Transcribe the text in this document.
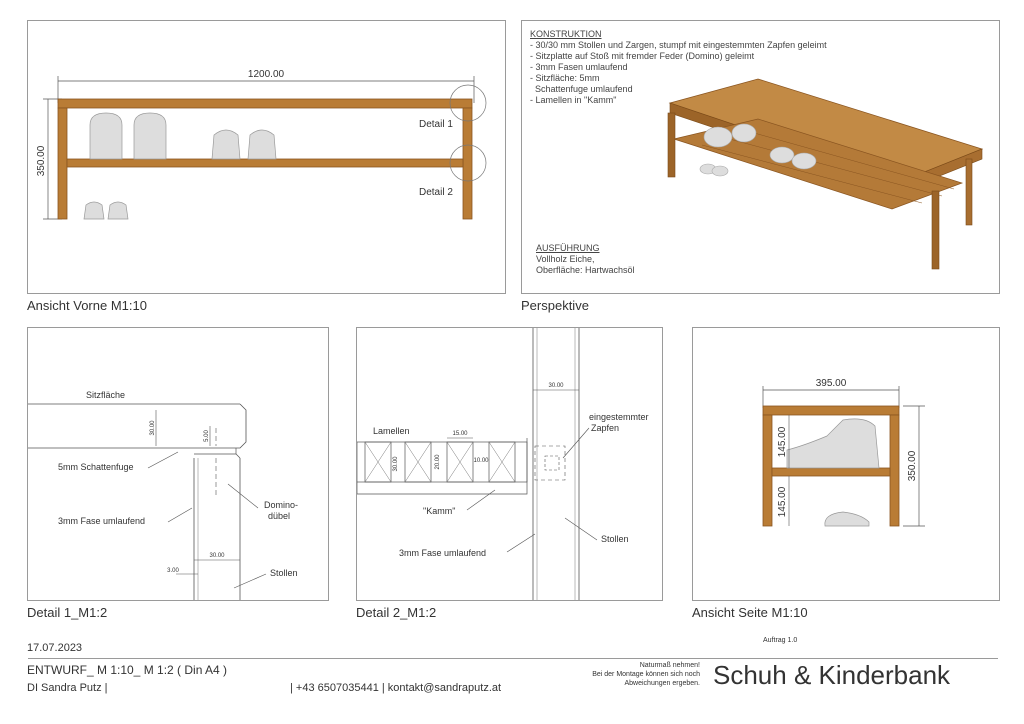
1200.00
350.00
Detail 1
Detail 2
Ansicht Vorne M1:10
KONSTRUKTION
- 30/30 mm Stollen und Zargen, stumpf mit eingestemmten Zapfen geleimt
- Sitzplatte auf Stoß mit fremder Feder (Domino) geleimt
- 3mm Fasen umlaufend
- Sitzfläche: 5mm
Schattenfuge umlaufend
- Lamellen in "Kamm"
AUSFÜHRUNG
Vollholz Eiche,
Oberfläche: Hartwachsöl
Perspektive
Sitzfläche
30.00
5.00
5mm Schattenfuge
Domino-
dübel
3mm Fase umlaufend
30.00
3.00	Stollen
Detail 1_M1:2
30.00
Lamellen	15.00
30.00	20.00	10.00
eingestemmter
Zapfen
"Kamm"
Stollen
3mm Fase umlaufend
Detail 2_M1:2
395.00
145.00
145.00
350.00
Ansicht Seite M1:10
17.07.2023
Auftrag 1.0
ENTWURF_ M 1:10_ M 1:2 ( Din A4 )
DI Sandra Putz |	| +43 6507035441 | kontakt@sandraputz.at
Naturmaß nehmen!
Bei der Montage können sich noch
Abweichungen ergeben. Schuh & Kinderbank
